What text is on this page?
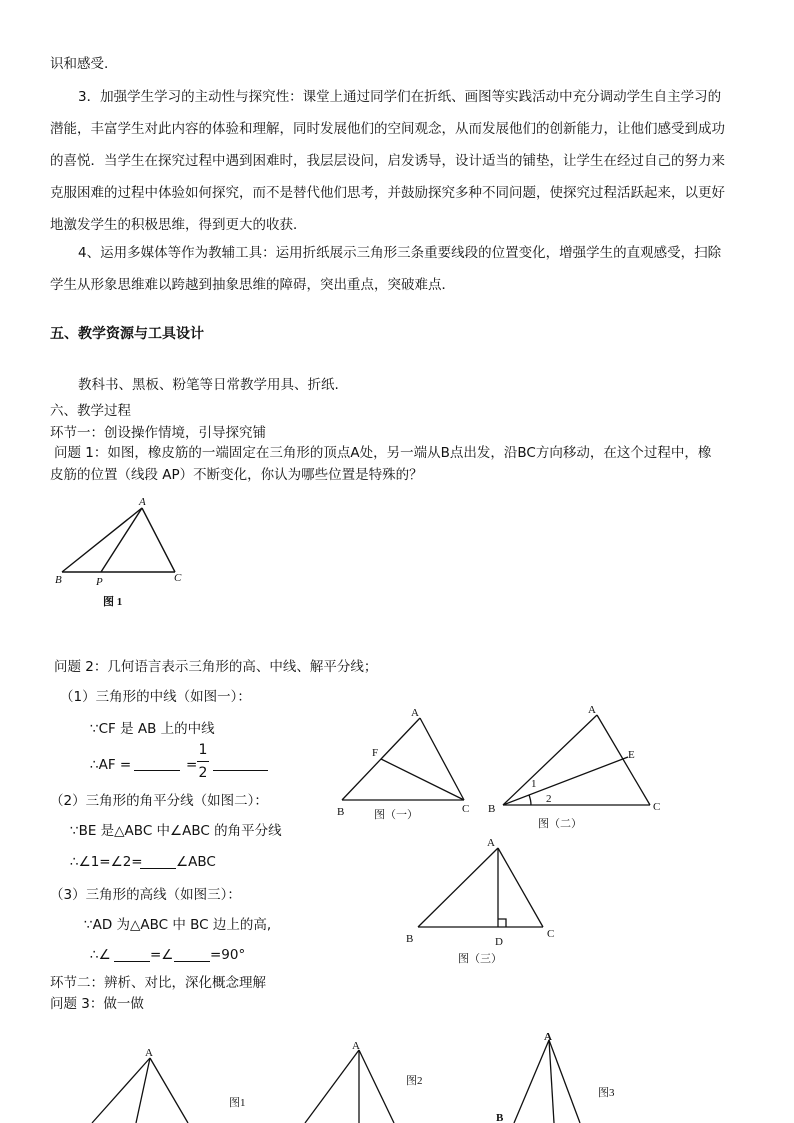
识和感受.
3．加强学生学习的主动性与探究性：课堂上通过同学们在折纸、画图等实践活动中充分调动学生自主学习的
潜能，丰富学生对此内容的体验和理解，同时发展他们的空间观念，从而发展他们的创新能力，让他们感受到成功
的喜悦．当学生在探究过程中遇到困难时，我层层设问，启发诱导，设计适当的铺垫，让学生在经过自己的努力来
克服困难的过程中体验如何探究，而不是替代他们思考，并鼓励探究多种不同问题，使探究过程活跃起来，以更好
地激发学生的积极思维，得到更大的收获．
4、运用多媒体等作为教辅工具：运用折纸展示三角形三条重要线段的位置变化，增强学生的直观感受，扫除
学生从形象思维难以跨越到抽象思维的障碍，突出重点，突破难点．
五、教学资源与工具设计
教科书、黑板、粉笔等日常教学用具、折纸.
六、教学过程
环节一：创设操作情境，引导探究铺
问题 1：如图，橡皮筋的一端固定在三角形的顶点A处，另一端从B点出发，沿BC方向移动，在这个过程中，橡
皮筋的位置（线段 AP）不断变化，你认为哪些位置是特殊的？
A
B	P	C
图 1
问题 2：几何语言表示三角形的高、中线、解平分线；
（1）三角形的中线（如图一）：
∵CF 是 AB 上的中线
∴AF =	=
1
2
（2）三角形的角平分线（如图二）：
∵BE 是△ABC 中∠ABC 的角平分线
∴∠1=∠2= ∠ABC
（3）三角形的高线（如图三）：
∵AD 为△ABC 中 BC 边上的高,
∴∠	=∠	=90°
A
F
B	C
图（一）
A
E
B	C
1
2
图（二）
A
B	D
C
图（三）
环节二：辨析、对比，深化概念理解
问题 3：做一做
A
图1
A
图2
A
B
图3
